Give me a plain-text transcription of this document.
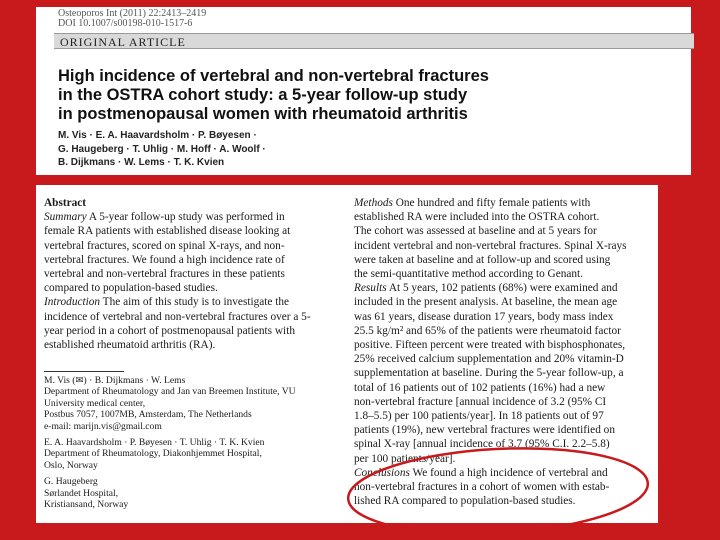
Osteoporos Int (2011) 22:2413–2419
DOI 10.1007/s00198-010-1517-6
ORIGINAL ARTICLE
High incidence of vertebral and non-vertebral fractures
in the OSTRA cohort study: a 5-year follow-up study
in postmenopausal women with rheumatoid arthritis
M. Vis · E. A. Haavardsholm · P. Bøyesen ·
G. Haugeberg · T. Uhlig · M. Hoff · A. Woolf ·
B. Dijkmans · W. Lems · T. K. Kvien
Abstract
Summary A 5-year follow-up study was performed in
female RA patients with established disease looking at
vertebral fractures, scored on spinal X-rays, and non-
vertebral fractures. We found a high incidence rate of
vertebral and non-vertebral fractures in these patients
compared to population-based studies.
Introduction The aim of this study is to investigate the
incidence of vertebral and non-vertebral fractures over a 5-
year period in a cohort of postmenopausal patients with
established rheumatoid arthritis (RA).
M. Vis (✉) · B. Dijkmans · W. Lems
Department of Rheumatology and Jan van Breemen Institute, VU
University medical center,
Postbus 7057, 1007MB, Amsterdam, The Netherlands
e-mail: marijn.vis@gmail.com
E. A. Haavardsholm · P. Bøyesen · T. Uhlig · T. K. Kvien
Department of Rheumatology, Diakonhjemmet Hospital,
Oslo, Norway
G. Haugeberg
Sørlandet Hospital,
Kristiansand, Norway
Methods One hundred and fifty female patients with
established RA were included into the OSTRA cohort.
The cohort was assessed at baseline and at 5 years for
incident vertebral and non-vertebral fractures. Spinal X-rays
were taken at baseline and at follow-up and scored using
the semi-quantitative method according to Genant.
Results At 5 years, 102 patients (68%) were examined and
included in the present analysis. At baseline, the mean age
was 61 years, disease duration 17 years, body mass index
25.5 kg/m² and 65% of the patients were rheumatoid factor
positive. Fifteen percent were treated with bisphosphonates,
25% received calcium supplementation and 20% vitamin-D
supplementation at baseline. During the 5-year follow-up, a
total of 16 patients out of 102 patients (16%) had a new
non-vertebral fracture [annual incidence of 3.2 (95% CI
1.8–5.5) per 100 patients/year]. In 18 patients out of 97
patients (19%), new vertebral fractures were identified on
spinal X-ray [annual incidence of 3.7 (95% C.I. 2.2–5.8)
per 100 patients/year].
Conclusions We found a high incidence of vertebral and
non-vertebral fractures in a cohort of women with estab-
lished RA compared to population-based studies.
